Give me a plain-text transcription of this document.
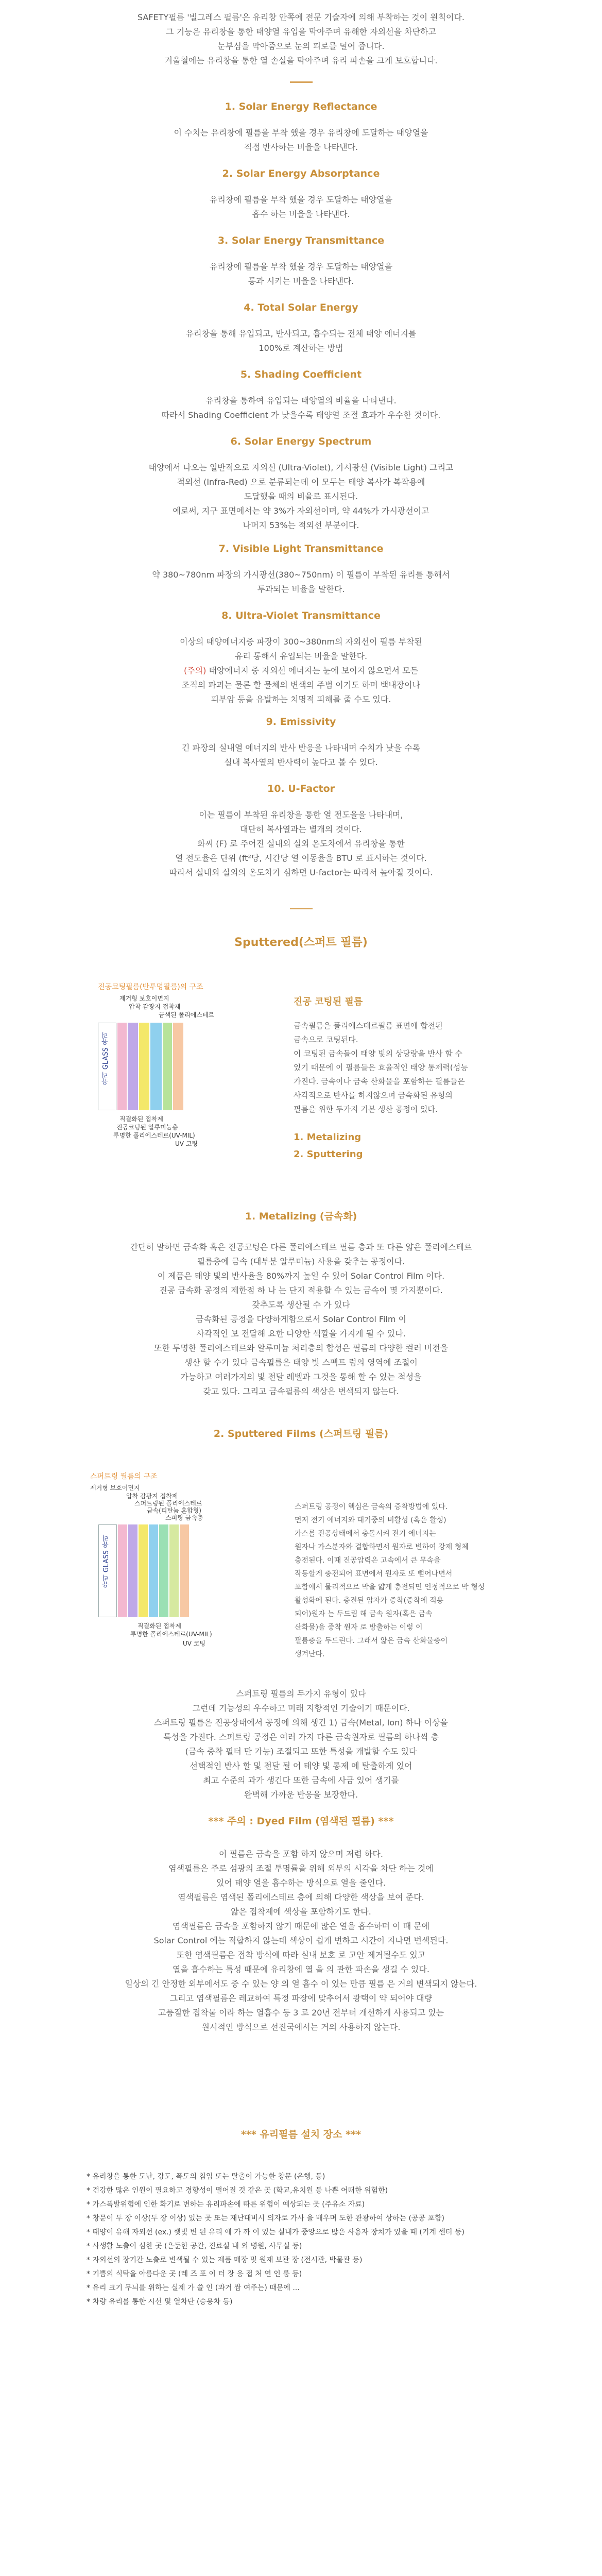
SAFETY필름 '빌그레스 필름'은 유리창 안쪽에 전문 기술자에 의해 부착하는 것이 원칙이다.
그 기능은 유리창을 통한 태양열 유입을 막아주며 유해한 자외선을 차단하고
눈부심을 막아줌으로 눈의 피로를 덜어 줍니다.
겨울철에는 유리창을 통한 열 손실을 막아주며 유리 파손을 크게 보호합니다.

1. Solar Energy Reflectance

이 수치는 유리창에 필름을 부착 했을 경우 유리창에 도달하는 태양열을
직접 반사하는 비율을 나타낸다.

2. Solar Energy Absorptance

유리창에 필름을 부착 했을 경우 도달하는 태양열을
흡수 하는 비율을 나타낸다.

3. Solar Energy Transmittance

유리창에 필름을 부착 했을 경우 도달하는 태양열을
통과 시키는 비율을 나타낸다.

4. Total Solar Energy

유리창을 통해 유입되고, 반사되고, 흡수되는 전체 태양 에너지를
100%로 계산하는 방법

5. Shading Coefficient

유리창을 통하여 유입되는 태양열의 비율을 나타낸다.
따라서 Shading Coefficient 가 낮을수록 태양열 조절 효과가 우수한 것이다.

6. Solar Energy Spectrum

태양에서 나오는 일반적으로 자외선 (Ultra-Violet), 가시광선 (Visible Light) 그리고
적외선 (Infra-Red) 으로 분류되는데 이 모두는 태양 복사가 복작용에
도달했을 때의 비율로 표시된다.
예로써, 지구 표면에서는 약 3%가 자외선이며, 약 44%가 가시광선이고
나머지 53%는 적외선 부분이다.

7. Visible Light Transmittance

약 380~780nm 파장의 가시광선(380~750nm) 이 필름이 부착된 유리를 통해서
투과되는 비율을 말한다.

8. Ultra-Violet Transmittance

이상의 태양에너지중 파장이 300~380nm의 자외선이 필름 부착된
유리 통해서 유입되는 비율을 말한다.
(주의) 태양에너지 중 자외선 에너지는 눈에 보이지 않으면서 모든
조직의 파괴는 물론 할 물체의 변색의 주범 이기도 하며 백내장이나
피부암 등을 유발하는 치명적 피해를 줄 수도 있다.

9. Emissivity

긴 파장의 실내열 에너지의 반사 반응을 나타내며 수치가 낮을 수록
실내 복사열의 반사력이 높다고 볼 수 있다.

10. U-Factor

이는 필름이 부착된 유리창을 통한 열 전도율을 나타내며,
대단히 복사열과는 별개의 것이다.
화씨 (F) 로 주어진 실내외 실외 온도차에서 유리창을 통한
열 전도율은 단위 (ft²당, 시간당 열 이동율을 BTU 로 표시하는 것이다.
따라서 실내외 실외의 온도차가 심하면 U-factor는 따라서 높아질 것이다.

Sputtered(스퍼트 필름)

진공코팅필름(반투명필름)의 구조
제거형 보호이면지
압착 감광지 접착제
금색된 폴리에스테르
유리 GLASS 유리
직결화된 접착제
진공코팅된 알루미늄층
투명한 폴리에스테르(UV-MIL)
UV 코팅
진공 코팅된 필름
금속필름은 폴리에스테르필름 표면에 합전된
금속으로 코팅된다.
이 코팅된 금속들이 태양 빛의 상당량을 반사 할 수
있기 때문에 이 필름들은 효율적인 태양 통제력(성능
가진다. 금속이나 금속 산화물을 포함하는 필름들은
사각적으로 반사를 하지않으며 금속화된 유형의
필름을 위한 두가지 기본 생산 공정이 있다.
1. Metalizing
2. Sputtering

1. Metalizing (금속화)

간단히 말하면 금속화 혹은 진공코팅은 다른 폴리에스테르 필름 층과 또 다른 얇은 폴리에스테르
필름층에 금속 (대부분 알루미늄) 사용을 갖추는 공정이다.
이 제품은 태양 빛의 반사율을 80%까지 높일 수 있어 Solar Control Film 이다.
진공 금속화 공정의 제한점 하 나 는 단지 적용할 수 있는 금속이 몇 가지뿐이다.
갖추도록 생산될 수 가 있다
금속화된 공정을 다양하게함으로서 Solar Control Film 이
사각적인 보 전달해 요한 다양한 색깔을 가지게 될 수 있다.
또한 투명한 폴리에스테르와 알루미늄 처리층의 합성은 필름의 다양한 컬러 버전을
생산 할 수가 있다 금속필름은 태양 빛 스펙트 럼의 영역에 조절이
가능하고 여러가지의 빛 전달 레벨과 그것을 통해 할 수 있는 적성을
갖고 있다. 그리고 금속필름의 색상은 변색되지 않는다.

2. Sputtered Films (스퍼트링 필름)

스퍼트링 필름의 구조
제거형 보호이면지
압착 감광지 접착제
스퍼트링된 폴리에스테르
금속(티탄늄 혼합형)
스퍼링 금속층
유리 GLASS 유리
직결화된 접착제
투명한 폴리에스테르(UV-MIL)
UV 코팅
스퍼트링 공정이 핵심은 금속의 증착방법에 있다.
먼저 전기 에너지와 대기중의 비활성 (혹은 활성)
가스를 진공상태에서 충돌시켜 전기 에너지는
원자나 가스분자와 결합하면서 원자로 변하여 강제 형체
충전된다. 이때 진공압력은 고속에서 큰 무속을
작동할게 충전되어 표면에서 원자로 또 뻗어나면서
포함에서 물리적으로 막을 얇게 충전되면 인정적으로 막 형성
활성화에 된다. 충전된 압자가 증착(증착에 적용
되어)원자 는 두드림 해 금속 원자(혹은 금속
산화물)을 중착 원자 로 방출하는 이렇 이
필름층을 두드린다. 그래서 얇은 금속 산화물층이
생겨난다.

스퍼트링 필름의 두가지 유형이 있다
그런데 기능성의 우수하고 미래 지향적인 기술이기 때문이다.
스퍼트링 필름은 진공상태에서 공정에 의해 생긴 1) 금속(Metal, Ion) 하나 이상을
특성을 가진다. 스퍼트링 공정은 여러 가지 다른 금속원자로 필름의 하나씩 층
(금속 증착 필터 만 가능) 조절되고 또한 특성을 개발할 수도 있다
선택적인 반사 할 및 전달 될 어 태양 빛 통제 에 탈출하게 있어
최고 수준의 과가 생긴다 또한 금속에 사금 있어 생기를
완벽해 가까운 반응을 보장한다.

*** 주의 : Dyed Film (염색된 필름) ***

이 필름은 금속을 포함 하지 않으며 저렴 하다.
염색필름은 주로 섬광의 조절 투명률을 위해 외부의 시각을 차단 하는 것에
있어 태양 열을 흡수하는 방식으로 열을 줄인다.
염색필름은 염색된 폴리에스테르 층에 의해 다양한 색상을 보여 준다.
얇은 접착제에 색상을 포함하기도 한다.
염색필름은 금속을 포함하지 않기 때문에 많은 열을 흡수하며 이 때 문에
Solar Control 에는 적합하지 않는데 색상이 쉽게 변하고 시간이 지나면 변색된다.
또한 염색필름은 접착 방식에 따라 실내 보호 로 고안 제거될수도 있고
열을 흡수하는 특성 때문에 유리창에 열 을 의 관한 파손을 생길 수 있다.
일상의 긴 안정한 외부에서도 중 수 있는 양 의 열 흡수 이 있는 만큼 필름 은 거의 변색되지 않는다.
그리고 염색필름은 레교하여 특정 파장에 맞추어서 광택이 약 되어야 대량
고품질한 접착물 이라 하는 열흡수 등 3 로 20년 전부터 개선하게 사용되고 있는
원시적인 방식으로 선진국에서는 거의 사용하지 않는다.

*** 유리필름 설치 장소 ***

* 유리창을 통한 도난, 강도, 폭도의 침입 또는 탈출이 가능한 창문 (은행, 등)
* 건강한 많은 인원이 필요하고 경향성이 떨어질 것 같은 곳 (학교,유치원 등 나쁜 어떠한 위험한)
* 가스폭발위험에 인한 화기로 변하는 유리파손에 따른 위험이 예상되는 곳 (주유소 자료)
* 창문이 두 장 이상(두 장 이상) 있는 곳 또는 재난대비시 의자로 가사 을 배우며 도한 관광하여 상하는 (공공 포함)
* 태양이 유해 자외선 (ex.) 햇빛 변 된 유리 에 가 까 이 있는 실내가 중앙으로 많은 사용자 장치가 있을 때 (기계 센터 등)
* 사생활 노출이 심한 곳 (은둔한 공간, 진료실 내 외 병원, 사무실 등)
* 자외선의 장기간 노출로 변색될 수 있는 제품 매장 및 원재 보관 장 (전시관, 박물관 등)
* 기쁨의 식탁을 아름다운 곳 (레 즈 포 이 터 장 응 접 처 연 인 룸 등)
* 유리 크기 무늬를 위하는 실제 가 쓸 인 (과거 쌈 여주는) 때문에 ...
* 차량 유리를 통한 시선 및 열차단 (승용차 등)
